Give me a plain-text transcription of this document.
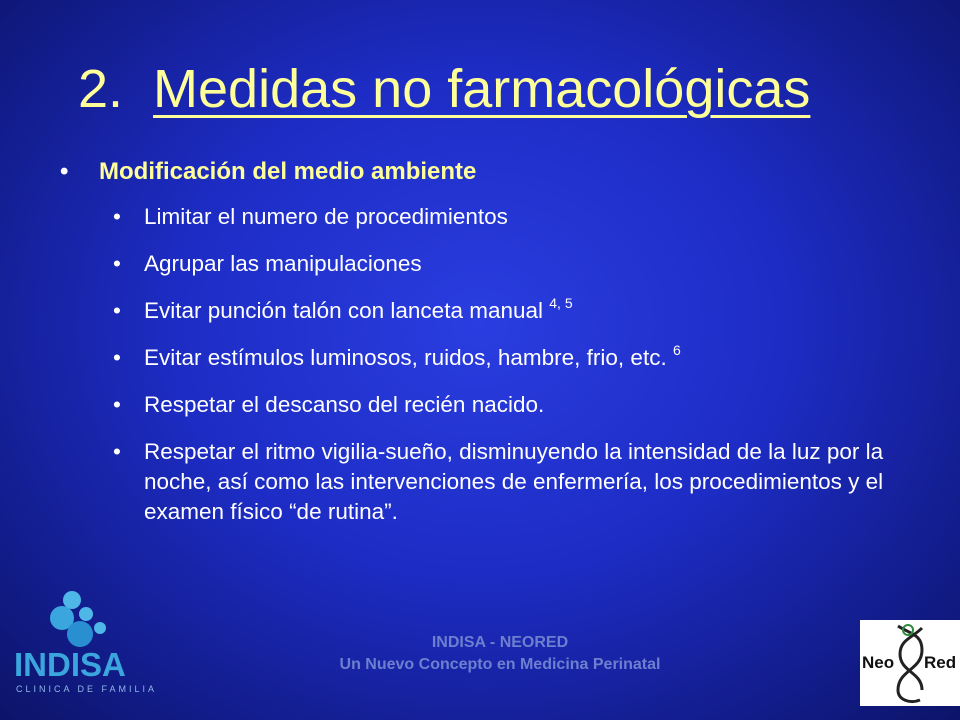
2. Medidas no farmacológicas
• Modificación del medio ambiente
• Limitar el numero de procedimientos
• Agrupar las manipulaciones
• Evitar punción talón con lanceta manual $^{4, 5}$
• Evitar estímulos luminosos, ruidos, hambre, frio, etc. $^6$
• Respetar el descanso del recién nacido.
• Respetar el ritmo vigilia-sueño, disminuyendo la intensidad de la luz por la noche, así como las intervenciones de enfermería, los procedimientos y el examen físico “de rutina”.
INDISA
CLINICA DE FAMILIA
INDISA - NEORED
Un Nuevo Concepto en Medicina Perinatal	Neo Red
